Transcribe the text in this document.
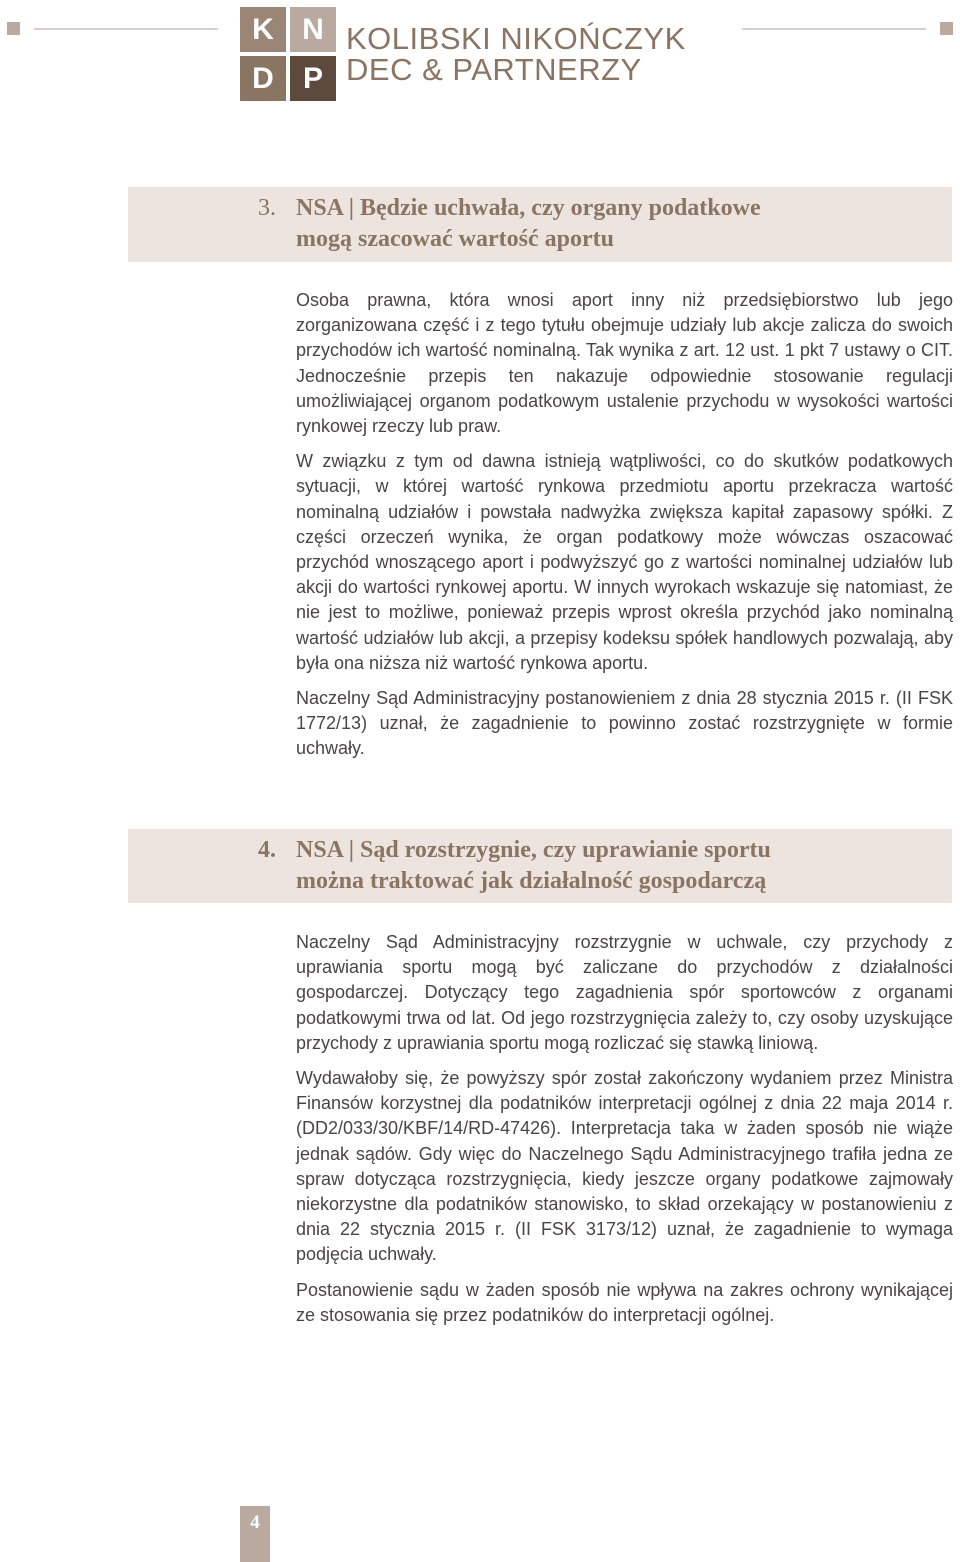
K N
D P
KOLIBSKI NIKOŃCZYK
DEC & PARTNERZY
3. NSA | Będzie uchwała, czy organy podatkowe
mogą szacować wartość aportu

Osoba prawna, która wnosi aport inny niż przedsiębiorstwo lub jego zorganizowana część i z tego tytułu obejmuje udziały lub akcje zalicza do swoich przychodów ich wartość nominalną. Tak wynika z art. 12 ust. 1 pkt 7 ustawy o CIT. Jednocześnie przepis ten nakazuje odpowiednie stosowanie regulacji umożliwiającej organom podatkowym ustalenie przychodu w wysokości wartości rynkowej rzeczy lub praw.

W związku z tym od dawna istnieją wątpliwości, co do skutków podatkowych sytuacji, w której wartość rynkowa przedmiotu aportu przekracza wartość nominalną udziałów i powstała nadwyżka zwiększa kapitał zapasowy spółki. Z części orzeczeń wynika, że organ podatkowy może wówczas oszacować przychód wnoszącego aport i podwyższyć go z wartości nominalnej udziałów lub akcji do wartości rynkowej aportu. W innych wyrokach wskazuje się natomiast, że nie jest to możliwe, ponieważ przepis wprost określa przychód jako nominalną wartość udziałów lub akcji, a przepisy kodeksu spółek handlowych pozwalają, aby była ona niższa niż wartość rynkowa aportu.

Naczelny Sąd Administracyjny postanowieniem z dnia 28 stycznia 2015 r. (II FSK 1772/13) uznał, że zagadnienie to powinno zostać rozstrzygnięte w formie uchwały.

4. NSA | Sąd rozstrzygnie, czy uprawianie sportu
można traktować jak działalność gospodarczą

Naczelny Sąd Administracyjny rozstrzygnie w uchwale, czy przychody z uprawiania sportu mogą być zaliczane do przychodów z działalności gospodarczej. Dotyczący tego zagadnienia spór sportowców z organami podatkowymi trwa od lat. Od jego rozstrzygnięcia zależy to, czy osoby uzyskujące przychody z uprawiania sportu mogą rozliczać się stawką liniową.

Wydawałoby się, że powyższy spór został zakończony wydaniem przez Ministra Finansów korzystnej dla podatników interpretacji ogólnej z dnia 22 maja 2014 r. (DD2/033/30/KBF/14/RD-47426). Interpretacja taka w żaden sposób nie wiąże jednak sądów. Gdy więc do Naczelnego Sądu Administracyjnego trafiła jedna ze spraw dotycząca rozstrzygnięcia, kiedy jeszcze organy podatkowe zajmowały niekorzystne dla podatników stanowisko, to skład orzekający w postanowieniu z dnia 22 stycznia 2015 r. (II FSK 3173/12) uznał, że zagadnienie to wymaga podjęcia uchwały.

Postanowienie sądu w żaden sposób nie wpływa na zakres ochrony wynikającej ze stosowania się przez podatników do interpretacji ogólnej.

4
